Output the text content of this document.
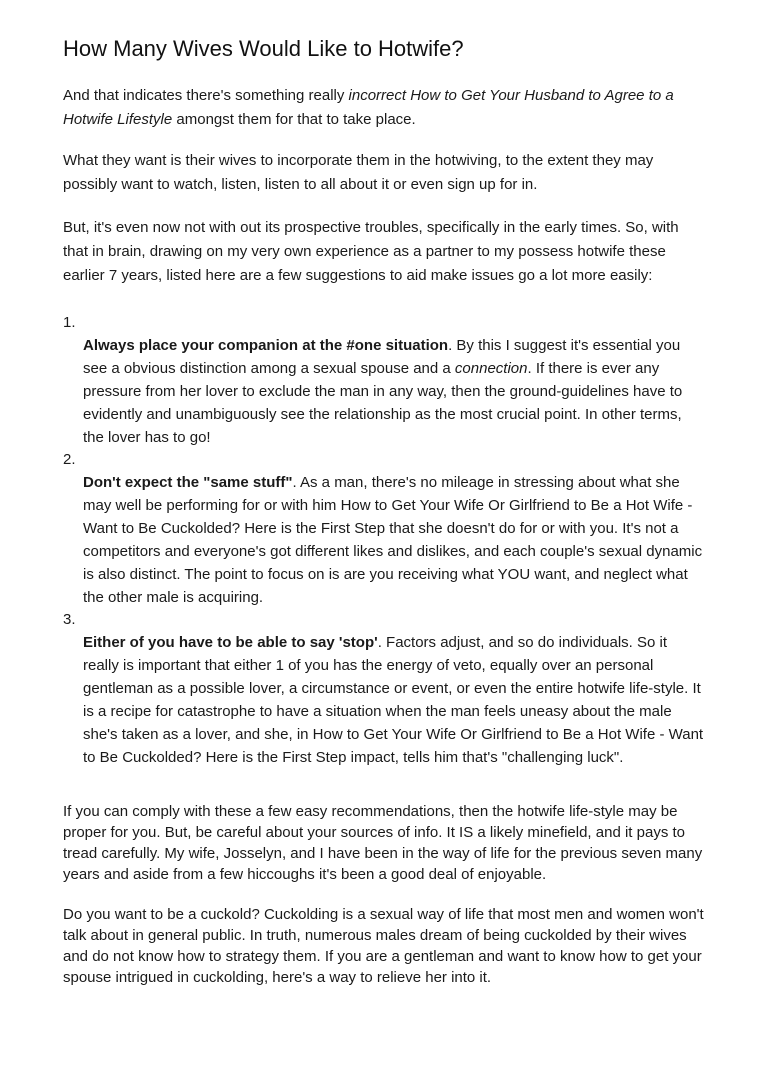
How Many Wives Would Like to Hotwife?

And that indicates there's something really incorrect How to Get Your Husband to Agree to a Hotwife Lifestyle amongst them for that to take place.

What they want is their wives to incorporate them in the hotwiving, to the extent they may possibly want to watch, listen, listen to all about it or even sign up for in.

But, it's even now not with out its prospective troubles, specifically in the early times. So, with that in brain, drawing on my very own experience as a partner to my possess hotwife these earlier 7 years, listed here are a few suggestions to aid make issues go a lot more easily:

1.
Always place your companion at the #one situation. By this I suggest it's essential you see a obvious distinction among a sexual spouse and a connection. If there is ever any pressure from her lover to exclude the man in any way, then the ground-guidelines have to evidently and unambiguously see the relationship as the most crucial point. In other terms, the lover has to go!
2.
Don't expect the "same stuff". As a man, there's no mileage in stressing about what she may well be performing for or with him How to Get Your Wife Or Girlfriend to Be a Hot Wife - Want to Be Cuckolded? Here is the First Step that she doesn't do for or with you. It's not a competitors and everyone's got different likes and dislikes, and each couple's sexual dynamic is also distinct. The point to focus on is are you receiving what YOU want, and neglect what the other male is acquiring.
3.
Either of you have to be able to say 'stop'. Factors adjust, and so do individuals. So it really is important that either 1 of you has the energy of veto, equally over an personal gentleman as a possible lover, a circumstance or event, or even the entire hotwife life-style. It is a recipe for catastrophe to have a situation when the man feels uneasy about the male she's taken as a lover, and she, in How to Get Your Wife Or Girlfriend to Be a Hot Wife - Want to Be Cuckolded? Here is the First Step impact, tells him that's "challenging luck".

If you can comply with these a few easy recommendations, then the hotwife life-style may be proper for you. But, be careful about your sources of info. It IS a likely minefield, and it pays to tread carefully. My wife, Josselyn, and I have been in the way of life for the previous seven many years and aside from a few hiccoughs it's been a good deal of enjoyable.

Do you want to be a cuckold? Cuckolding is a sexual way of life that most men and women won't talk about in general public. In truth, numerous males dream of being cuckolded by their wives and do not know how to strategy them. If you are a gentleman and want to know how to get your spouse intrigued in cuckolding, here's a way to relieve her into it.
